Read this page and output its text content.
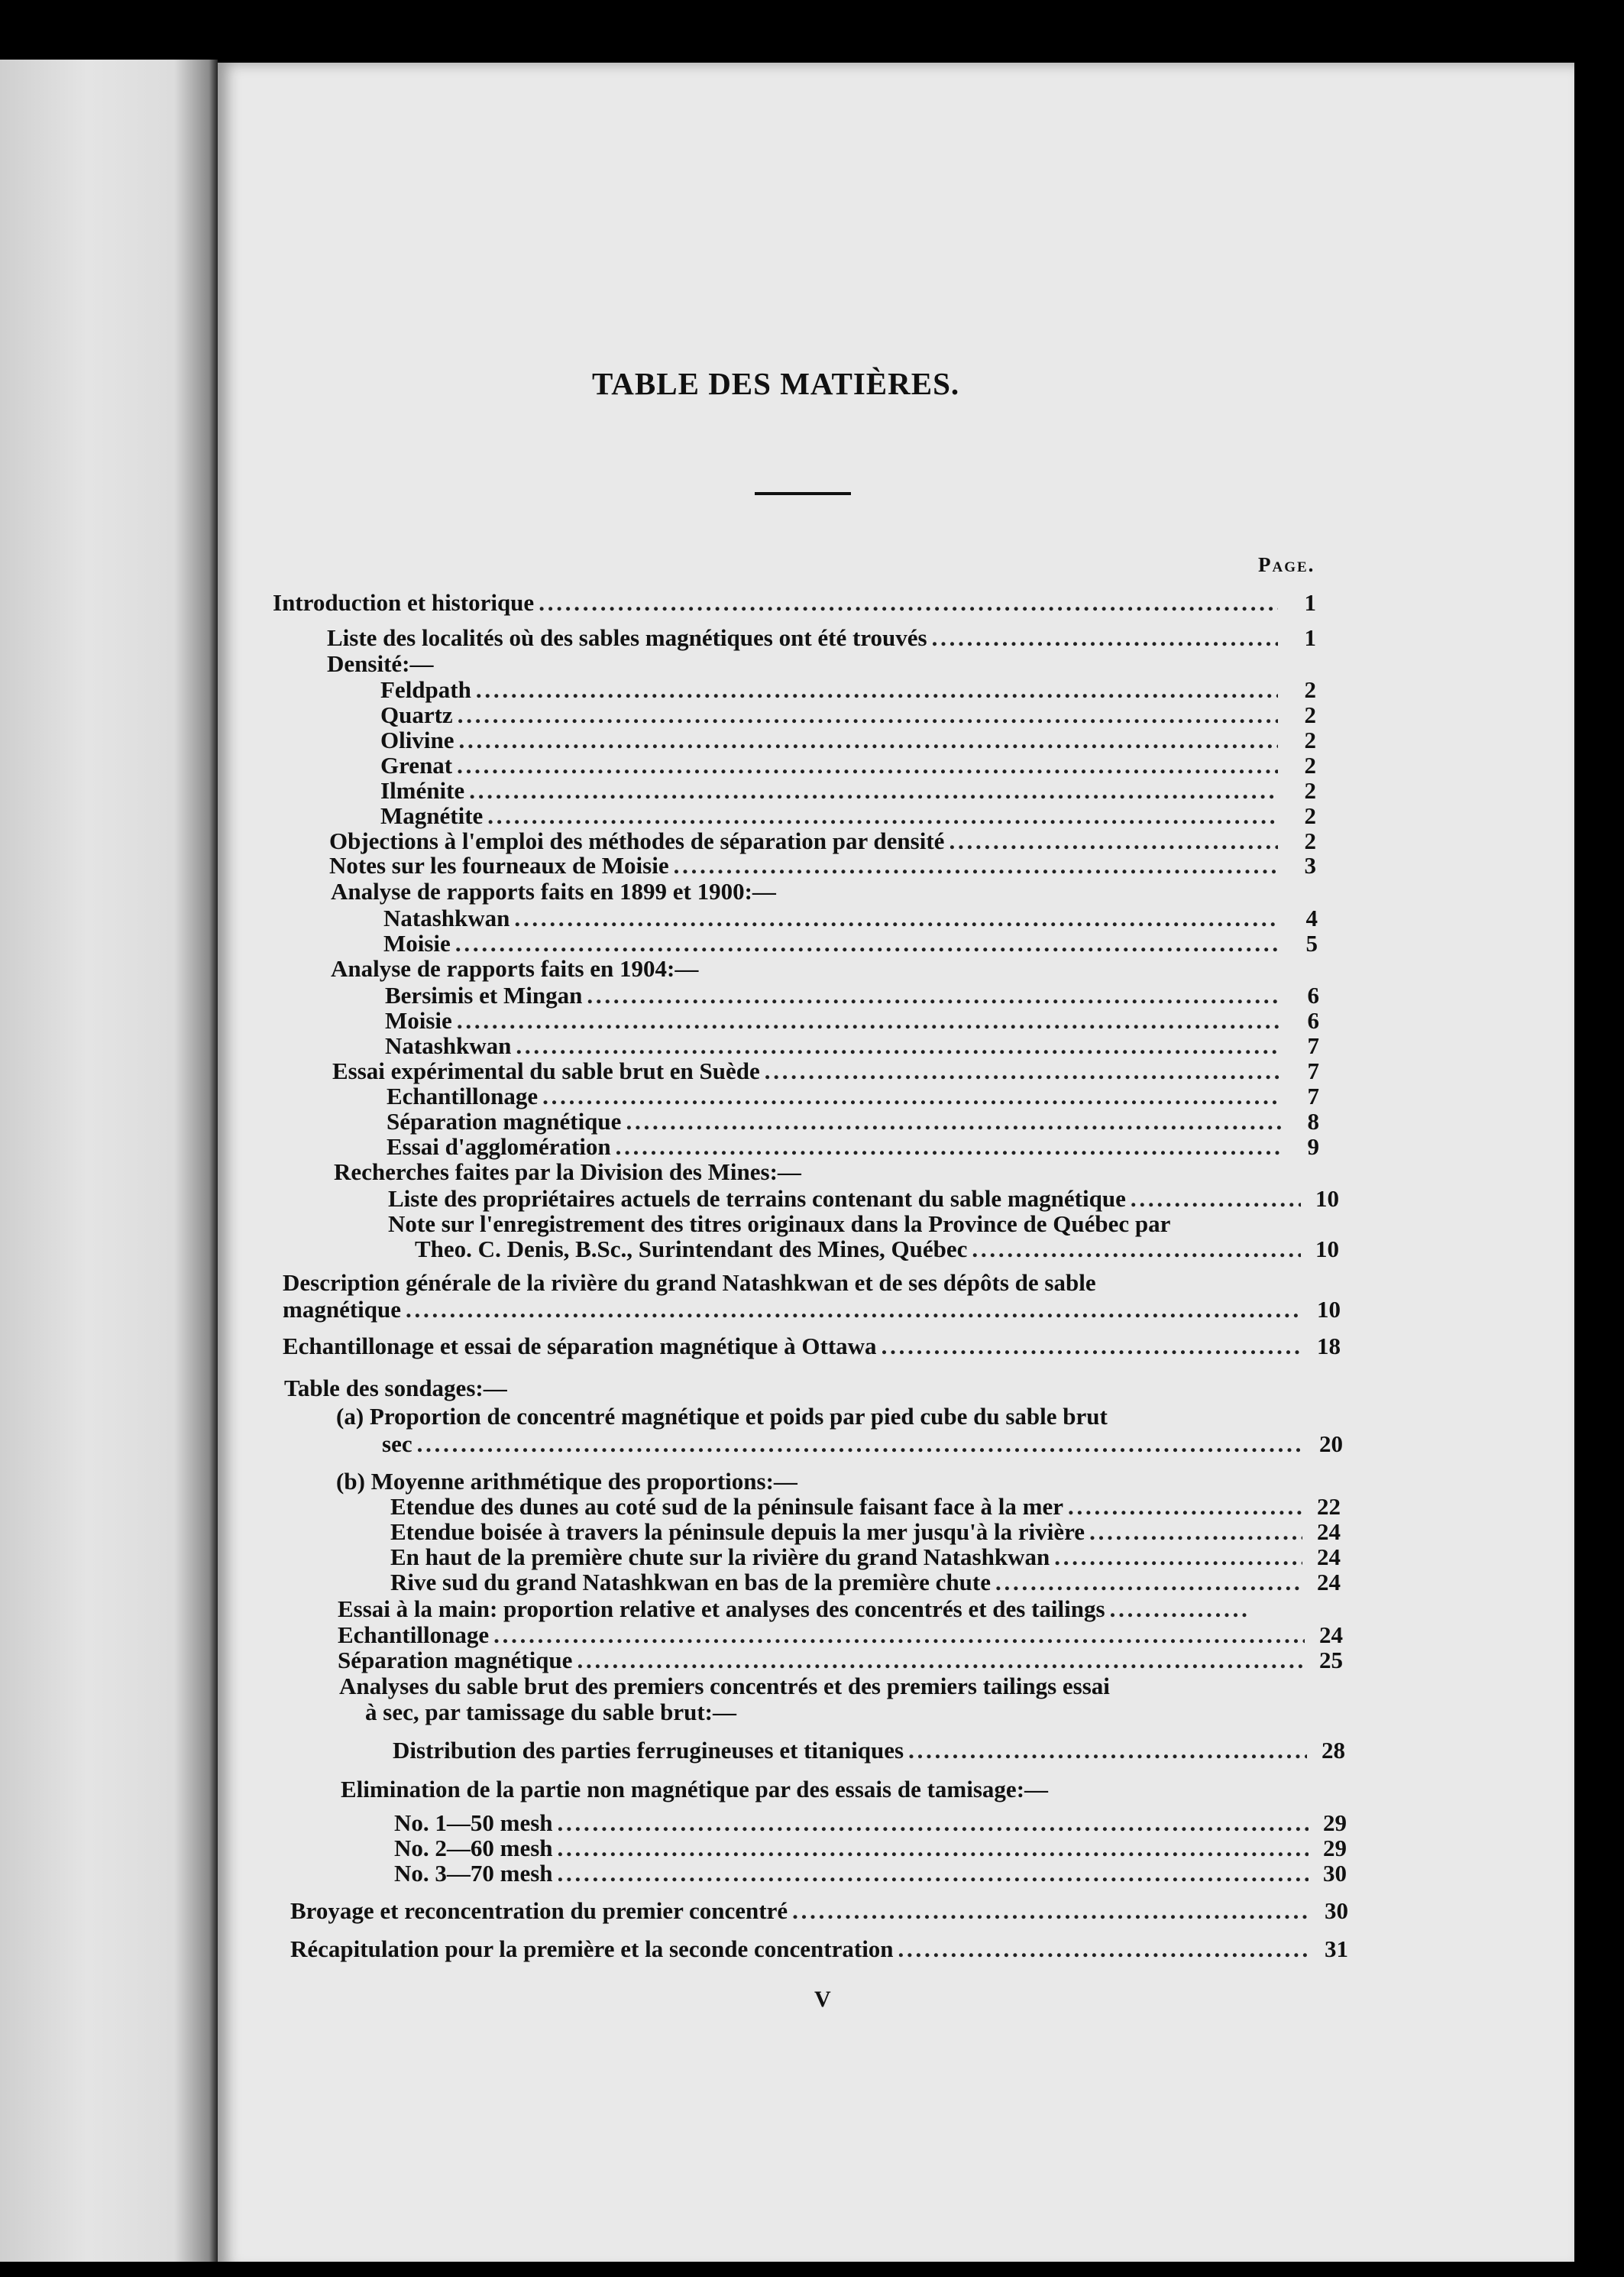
TABLE DES MATIÈRES.
Page.
Introduction et historique . . .	1
Liste des localités où des sables magnétiques ont été trouvés . . .	1
Densité:—
Feldpath . . .	2
Quartz . . .	2
Olivine . . .	2
Grenat . . .	2
Ilménite . . .	2
Magnétite . . .	2
Objections à l'emploi des méthodes de séparation par densité . . .	2
Notes sur les fourneaux de Moisie . . .	3
Analyse de rapports faits en 1899 et 1900:—
Natashkwan . . .	4
Moisie . . .	5
Analyse de rapports faits en 1904:—
Bersimis et Mingan . . .	6
Moisie . . .	6
Natashkwan . . .	7
Essai expérimental du sable brut en Suède . . .	7
Echantillonage . . .	7
Séparation magnétique . . .	8
Essai d'agglomération . . .	9
Recherches faites par la Division des Mines:—
Liste des propriétaires actuels de terrains contenant du sable magnétique . . .	10
Note sur l'enregistrement des titres originaux dans la Province de Québec par
Theo. C. Denis, B.Sc., Surintendant des Mines, Québec . . .	10
Description générale de la rivière du grand Natashkwan et de ses dépôts de sable
magnétique . . .	10
Echantillonage et essai de séparation magnétique à Ottawa . . .	18
Table des sondages:—
(a) Proportion de concentré magnétique et poids par pied cube du sable brut
sec . . .	20
(b) Moyenne arithmétique des proportions:—
Etendue des dunes au coté sud de la péninsule faisant face à la mer . . .	22
Etendue boisée à travers la péninsule depuis la mer jusqu'à la rivière . . .	24
En haut de la première chute sur la rivière du grand Natashkwan . . .	24
Rive sud du grand Natashkwan en bas de la première chute . . .	24
Essai à la main: proportion relative et analyses des concentrés et des tailings
. . .
Echantillonage . . .	24
Séparation magnétique . . .	25
Analyses du sable brut des premiers concentrés et des premiers tailings essai
à sec, par tamissage du sable brut:—
Distribution des parties ferrugineuses et titaniques . . .	28
Elimination de la partie non magnétique par des essais de tamisage:—
No. 1—50 mesh . . .	29
No. 2—60 mesh . . .	29
No. 3—70 mesh . . .	30
Broyage et reconcentration du premier concentré . . .	30
Récapitulation pour la première et la seconde concentration . . .	31
V
